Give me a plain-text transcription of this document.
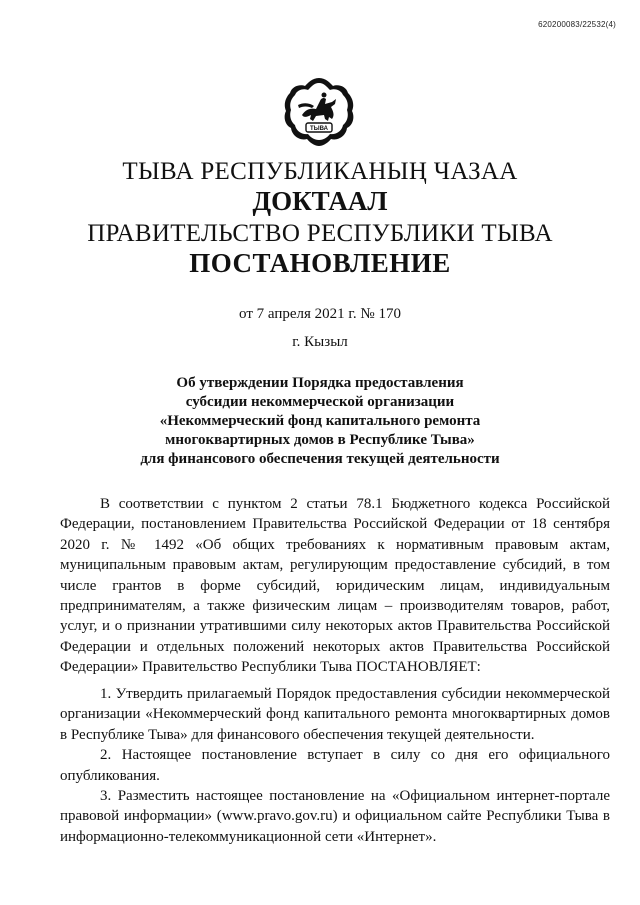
620200083/22532(4)
ТЫВА
ТЫВА РЕСПУБЛИКАНЫҢ ЧАЗАА
ДОКТААЛ
ПРАВИТЕЛЬСТВО РЕСПУБЛИКИ ТЫВА
ПОСТАНОВЛЕНИЕ
от 7 апреля 2021 г. № 170
г. Кызыл
Об утверждении Порядка предоставления
субсидии некоммерческой организации
«Некоммерческий фонд капитального ремонта
многоквартирных домов в Республике Тыва»
для финансового обеспечения текущей деятельности

В соответствии с пунктом 2 статьи 78.1 Бюджетного кодекса Российской Федерации, постановлением Правительства Российской Федерации от 18 сентября 2020 г. № 1492 «Об общих требованиях к нормативным правовым актам, муниципальным правовым актам, регулирующим предоставление субсидий, в том числе грантов в форме субсидий, юридическим лицам, индивидуальным предпринимателям, а также физическим лицам – производителям товаров, работ, услуг, и о признании утратившими силу некоторых актов Правительства Российской Федерации и отдельных положений некоторых актов Правительства Российской Федерации» Правительство Республики Тыва ПОСТАНОВЛЯЕТ:

1. Утвердить прилагаемый Порядок предоставления субсидии некоммерческой организации «Некоммерческий фонд капитального ремонта многоквартирных домов в Республике Тыва» для финансового обеспечения текущей деятельности.

2. Настоящее постановление вступает в силу со дня его официального опубликования.

3. Разместить настоящее постановление на «Официальном интернет-портале правовой информации» (www.pravo.gov.ru) и официальном сайте Республики Тыва в информационно-телекоммуникационной сети «Интернет».
